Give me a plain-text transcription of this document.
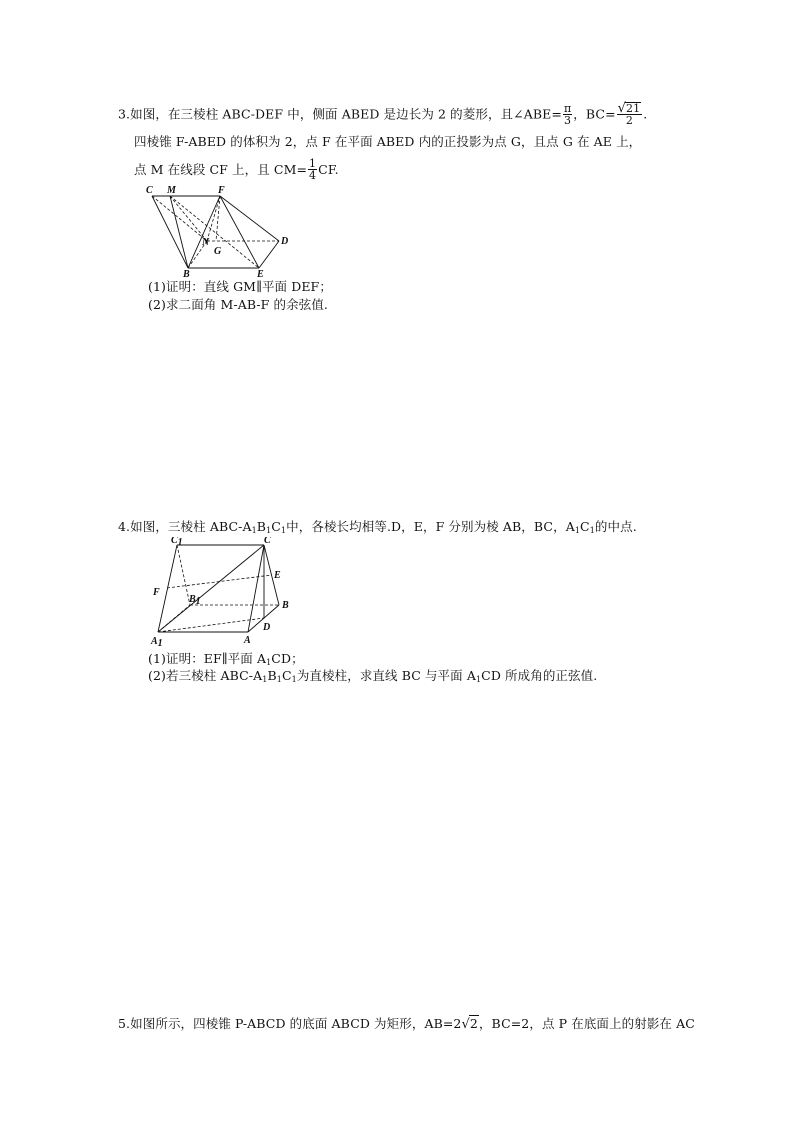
3.如图，在三棱柱 ABC-DEF 中，侧面 ABED 是边长为 2 的菱形，且∠ABE= $\frac{\pi}{3}$ ，$BC= \frac{√21}{2}$ .
四棱锥 F-ABED 的体积为 2，点 F 在平面 ABED 内的正投影为点 G，且点 G 在 AE 上，
点 M 在线段 CF 上，且 $CM= \frac{1}{4}$ CF.
C M	F
N
G
D
B	E
(1)证明：直线 GM∥平面 DEF；
(2)求二面角 M-AB-F 的余弦值.
4.如图，三棱柱 ABC-$A_1B_1C_1$中，各棱长均相等.D，E，F 分别为棱 AB，BC，$A_1C_1$的中点.
C1	C
E
F
B1	B
D
A1	A
(1)证明：EF∥平面 $A_1CD$；
(2)若三棱柱 ABC-$A_1B_1C_1$为直棱柱，求直线 BC 与平面 $A_1CD$ 所成角的正弦值.
5.如图所示，四棱锥 P-ABCD 的底面 ABCD 为矩形，AB=2√2，BC=2，点 P 在底面上的射影在 AC
